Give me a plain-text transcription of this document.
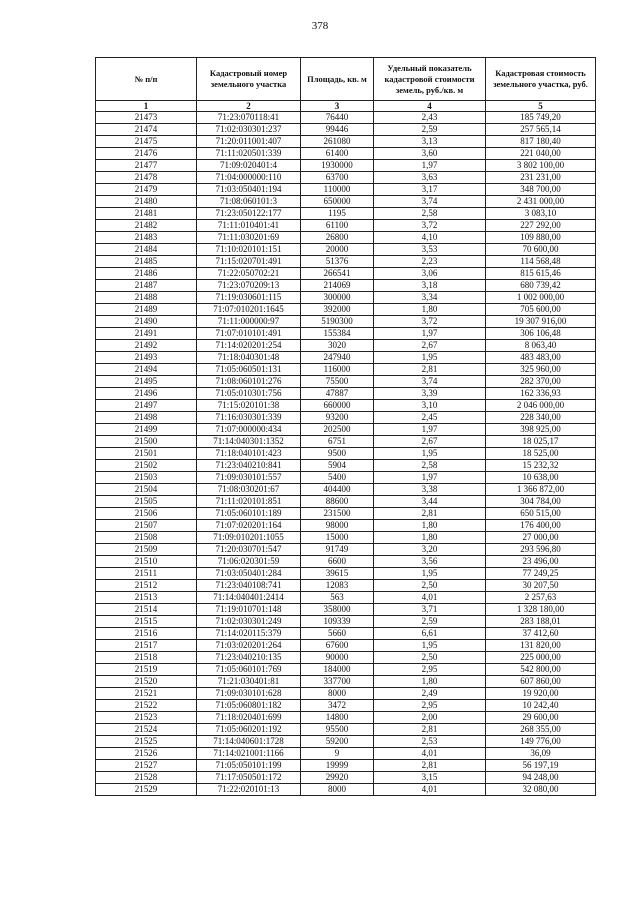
378
№ п/п	Кадастровый номер земельного участка	Площадь, кв. м	Удельный показатель кадастровой стоимости земель, руб./кв. м	Кадастровая стоимость земельного участка, руб.
1	2	3	4	5
21473	71:23:070118:41	76440	2,43	185 749,20
21474	71:02:030301:237	99446	2,59	257 565,14
21475	71:20:011001:407	261080	3,13	817 180,40
21476	71:11:020501:339	61400	3,60	221 040,00
21477	71:09:020401:4	1930000	1,97	3 802 100,00
21478	71:04:000000:110	63700	3,63	231 231,00
21479	71:03:050401:194	110000	3,17	348 700,00
21480	71:08:060101:3	650000	3,74	2 431 000,00
21481	71:23:050122:177	1195	2,58	3 083,10
21482	71:11:010401:41	61100	3,72	227 292,00
21483	71:11:030201:69	26800	4,10	109 880,00
21484	71:10:020101:151	20000	3,53	70 600,00
21485	71:15:020701:491	51376	2,23	114 568,48
21486	71:22:050702:21	266541	3,06	815 615,46
21487	71:23:070209:13	214069	3,18	680 739,42
21488	71:19:030601:115	300000	3,34	1 002 000,00
21489	71:07:010201:1645	392000	1,80	705 600,00
21490	71:11:000000:97	5190300	3,72	19 307 916,00
21491	71:07:010101:491	155384	1,97	306 106,48
21492	71:14:020201:254	3020	2,67	8 063,40
21493	71:18:040301:48	247940	1,95	483 483,00
21494	71:05:060501:131	116000	2,81	325 960,00
21495	71:08:060101:276	75500	3,74	282 370,00
21496	71:05:010301:756	47887	3,39	162 336,93
21497	71:15:020101:38	660000	3,10	2 046 000,00
21498	71:16:030301:339	93200	2,45	228 340,00
21499	71:07:000000:434	202500	1,97	398 925,00
21500	71:14:040301:1352	6751	2,67	18 025,17
21501	71:18:040101:423	9500	1,95	18 525,00
21502	71:23:040210:841	5904	2,58	15 232,32
21503	71:09:030101:557	5400	1,97	10 638,00
21504	71:08:030201:67	404400	3,38	1 366 872,00
21505	71:11:020101:851	88600	3,44	304 784,00
21506	71:05:060101:189	231500	2,81	650 515,00
21507	71:07:020201:164	98000	1,80	176 400,00
21508	71:09:010201:1055	15000	1,80	27 000,00
21509	71:20:030701:547	91749	3,20	293 596,80
21510	71:06:020301:59	6600	3,56	23 496,00
21511	71:03:050401:284	39615	1,95	77 249,25
21512	71:23:040108:741	12083	2,50	30 207,50
21513	71:14:040401:2414	563	4,01	2 257,63
21514	71:19:010701:148	358000	3,71	1 328 180,00
21515	71:02:030301:249	109339	2,59	283 188,01
21516	71:14:020115:379	5660	6,61	37 412,60
21517	71:03:020201:264	67600	1,95	131 820,00
21518	71:23:040210:135	90000	2,50	225 000,00
21519	71:05:060101:769	184000	2,95	542 800,00
21520	71:21:030401:81	337700	1,80	607 860,00
21521	71:09:030101:628	8000	2,49	19 920,00
21522	71:05:060801:182	3472	2,95	10 242,40
21523	71:18:020401:699	14800	2,00	29 600,00
21524	71:05:060201:192	95500	2,81	268 355,00
21525	71:14:040601:1728	59200	2,53	149 776,00
21526	71:14:021001:1166	9	4,01	36,09
21527	71:05:050101:199	19999	2,81	56 197,19
21528	71:17:050501:172	29920	3,15	94 248,00
21529	71:22:020101:13	8000	4,01	32 080,00
